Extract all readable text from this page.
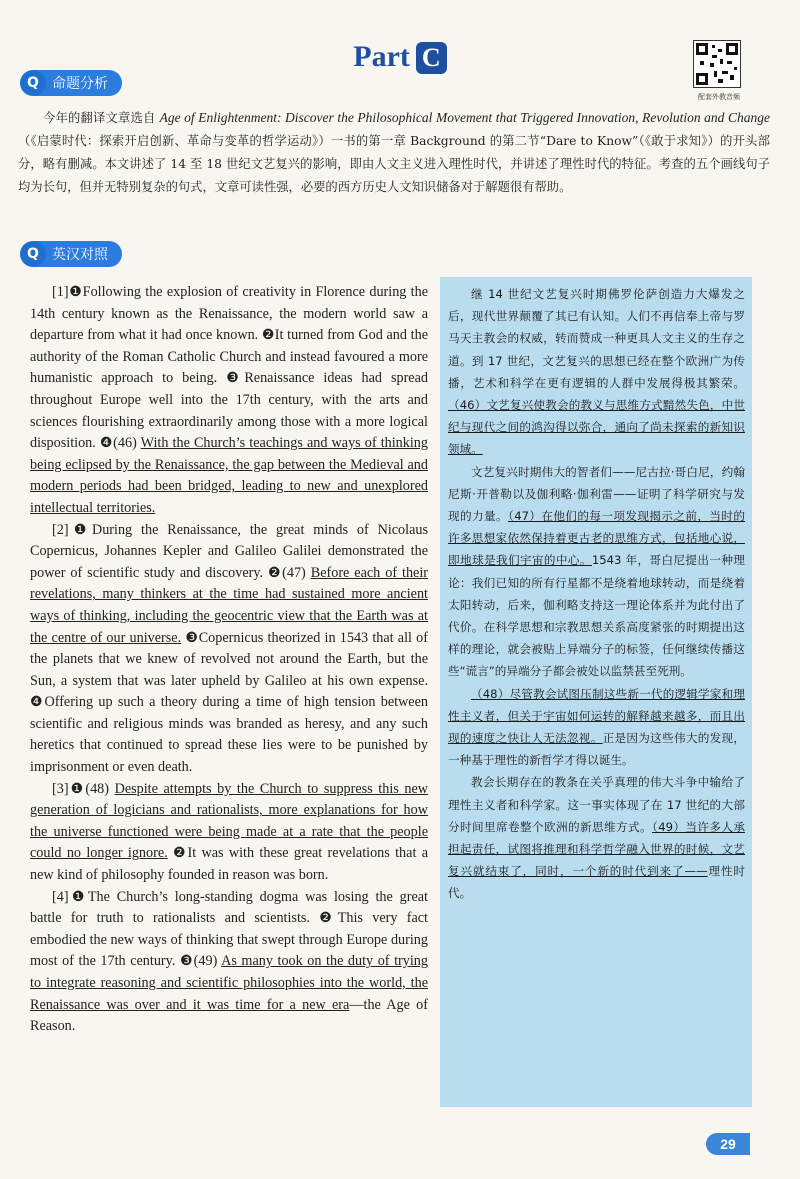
Part C
配套外教音频
Q 命题分析
今年的翻译文章选自 Age of Enlightenment: Discover the Philosophical Movement that Triggered Innovation, Revolution and Change（《启蒙时代：探索开启创新、革命与变革的哲学运动》）一书的第一章 Background 的第二节“Dare to Know”（《敢于求知》）的开头部分，略有删减。本文讲述了 14 至 18 世纪文艺复兴的影响，即由人文主义进入理性时代，并讲述了理性时代的特征。考查的五个画线句子均为长句，但并无特别复杂的句式，文章可读性强，必要的西方历史人文知识储备对于解题很有帮助。
Q 英汉对照

[1]❶Following the explosion of creativity in Florence during the 14th century known as the Renaissance, the modern world saw a departure from what it had once known. ❷It turned from God and the authority of the Roman Catholic Church and instead favoured a more humanistic approach to being. ❸Renaissance ideas had spread throughout Europe well into the 17th century, with the arts and sciences flourishing extraordinarily among those with a more logical disposition. ❹(46) With the Church’s teachings and ways of thinking being eclipsed by the Renaissance, the gap between the Medieval and modern periods had been bridged, leading to new and unexplored intellectual territories.

[2]❶During the Renaissance, the great minds of Nicolaus Copernicus, Johannes Kepler and Galileo Galilei demonstrated the power of scientific study and discovery. ❷(47) Before each of their revelations, many thinkers at the time had sustained more ancient ways of thinking, including the geocentric view that the Earth was at the centre of our universe. ❸Copernicus theorized in 1543 that all of the planets that we knew of revolved not around the Earth, but the Sun, a system that was later upheld by Galileo at his own expense. ❹Offering up such a theory during a time of high tension between scientific and religious minds was branded as heresy, and any such heretics that continued to spread these lies were to be punished by imprisonment or even death.

[3]❶(48) Despite attempts by the Church to suppress this new generation of logicians and rationalists, more explanations for how the universe functioned were being made at a rate that the people could no longer ignore. ❷It was with these great revelations that a new kind of philosophy founded in reason was born.

[4]❶The Church’s long-standing dogma was losing the great battle for truth to rationalists and scientists. ❷This very fact embodied the new ways of thinking that swept through Europe during most of the 17th century. ❸(49) As many took on the duty of trying to integrate reasoning and scientific philosophies into the world, the Renaissance was over and it was time for a new era—the Age of Reason.

继 14 世纪文艺复兴时期佛罗伦萨创造力大爆发之后，现代世界颠覆了其已有认知。人们不再信奉上帝与罗马天主教会的权威，转而赞成一种更具人文主义的生存之道。到 17 世纪，文艺复兴的思想已经在整个欧洲广为传播，艺术和科学在更有逻辑的人群中发展得极其繁荣。（46）文艺复兴使教会的教义与思维方式黯然失色，中世纪与现代之间的鸿沟得以弥合，通向了尚未探索的新知识领域。

文艺复兴时期伟大的智者们——尼古拉·哥白尼，约翰尼斯·开普勒以及伽利略·伽利雷——证明了科学研究与发现的力量。（47）在他们的每一项发现揭示之前，当时的许多思想家依然保持着更古老的思维方式，包括地心说，即地球是我们宇宙的中心。1543 年，哥白尼提出一种理论：我们已知的所有行星都不是绕着地球转动，而是绕着太阳转动，后来，伽利略支持这一理论体系并为此付出了代价。在科学思想和宗教思想关系高度紧张的时期提出这样的理论，就会被贴上异端分子的标签，任何继续传播这些“谎言”的异端分子都会被处以监禁甚至死刑。

（48）尽管教会试图压制这些新一代的逻辑学家和理性主义者，但关于宇宙如何运转的解释越来越多，而且出现的速度之快让人无法忽视。正是因为这些伟大的发现，一种基于理性的新哲学才得以诞生。

教会长期存在的教条在关乎真理的伟大斗争中输给了理性主义者和科学家。这一事实体现了在 17 世纪的大部分时间里席卷整个欧洲的新思维方式。（49）当许多人承担起责任，试图将推理和科学哲学融入世界的时候，文艺复兴就结束了，同时，一个新的时代到来了——理性时代。

29
